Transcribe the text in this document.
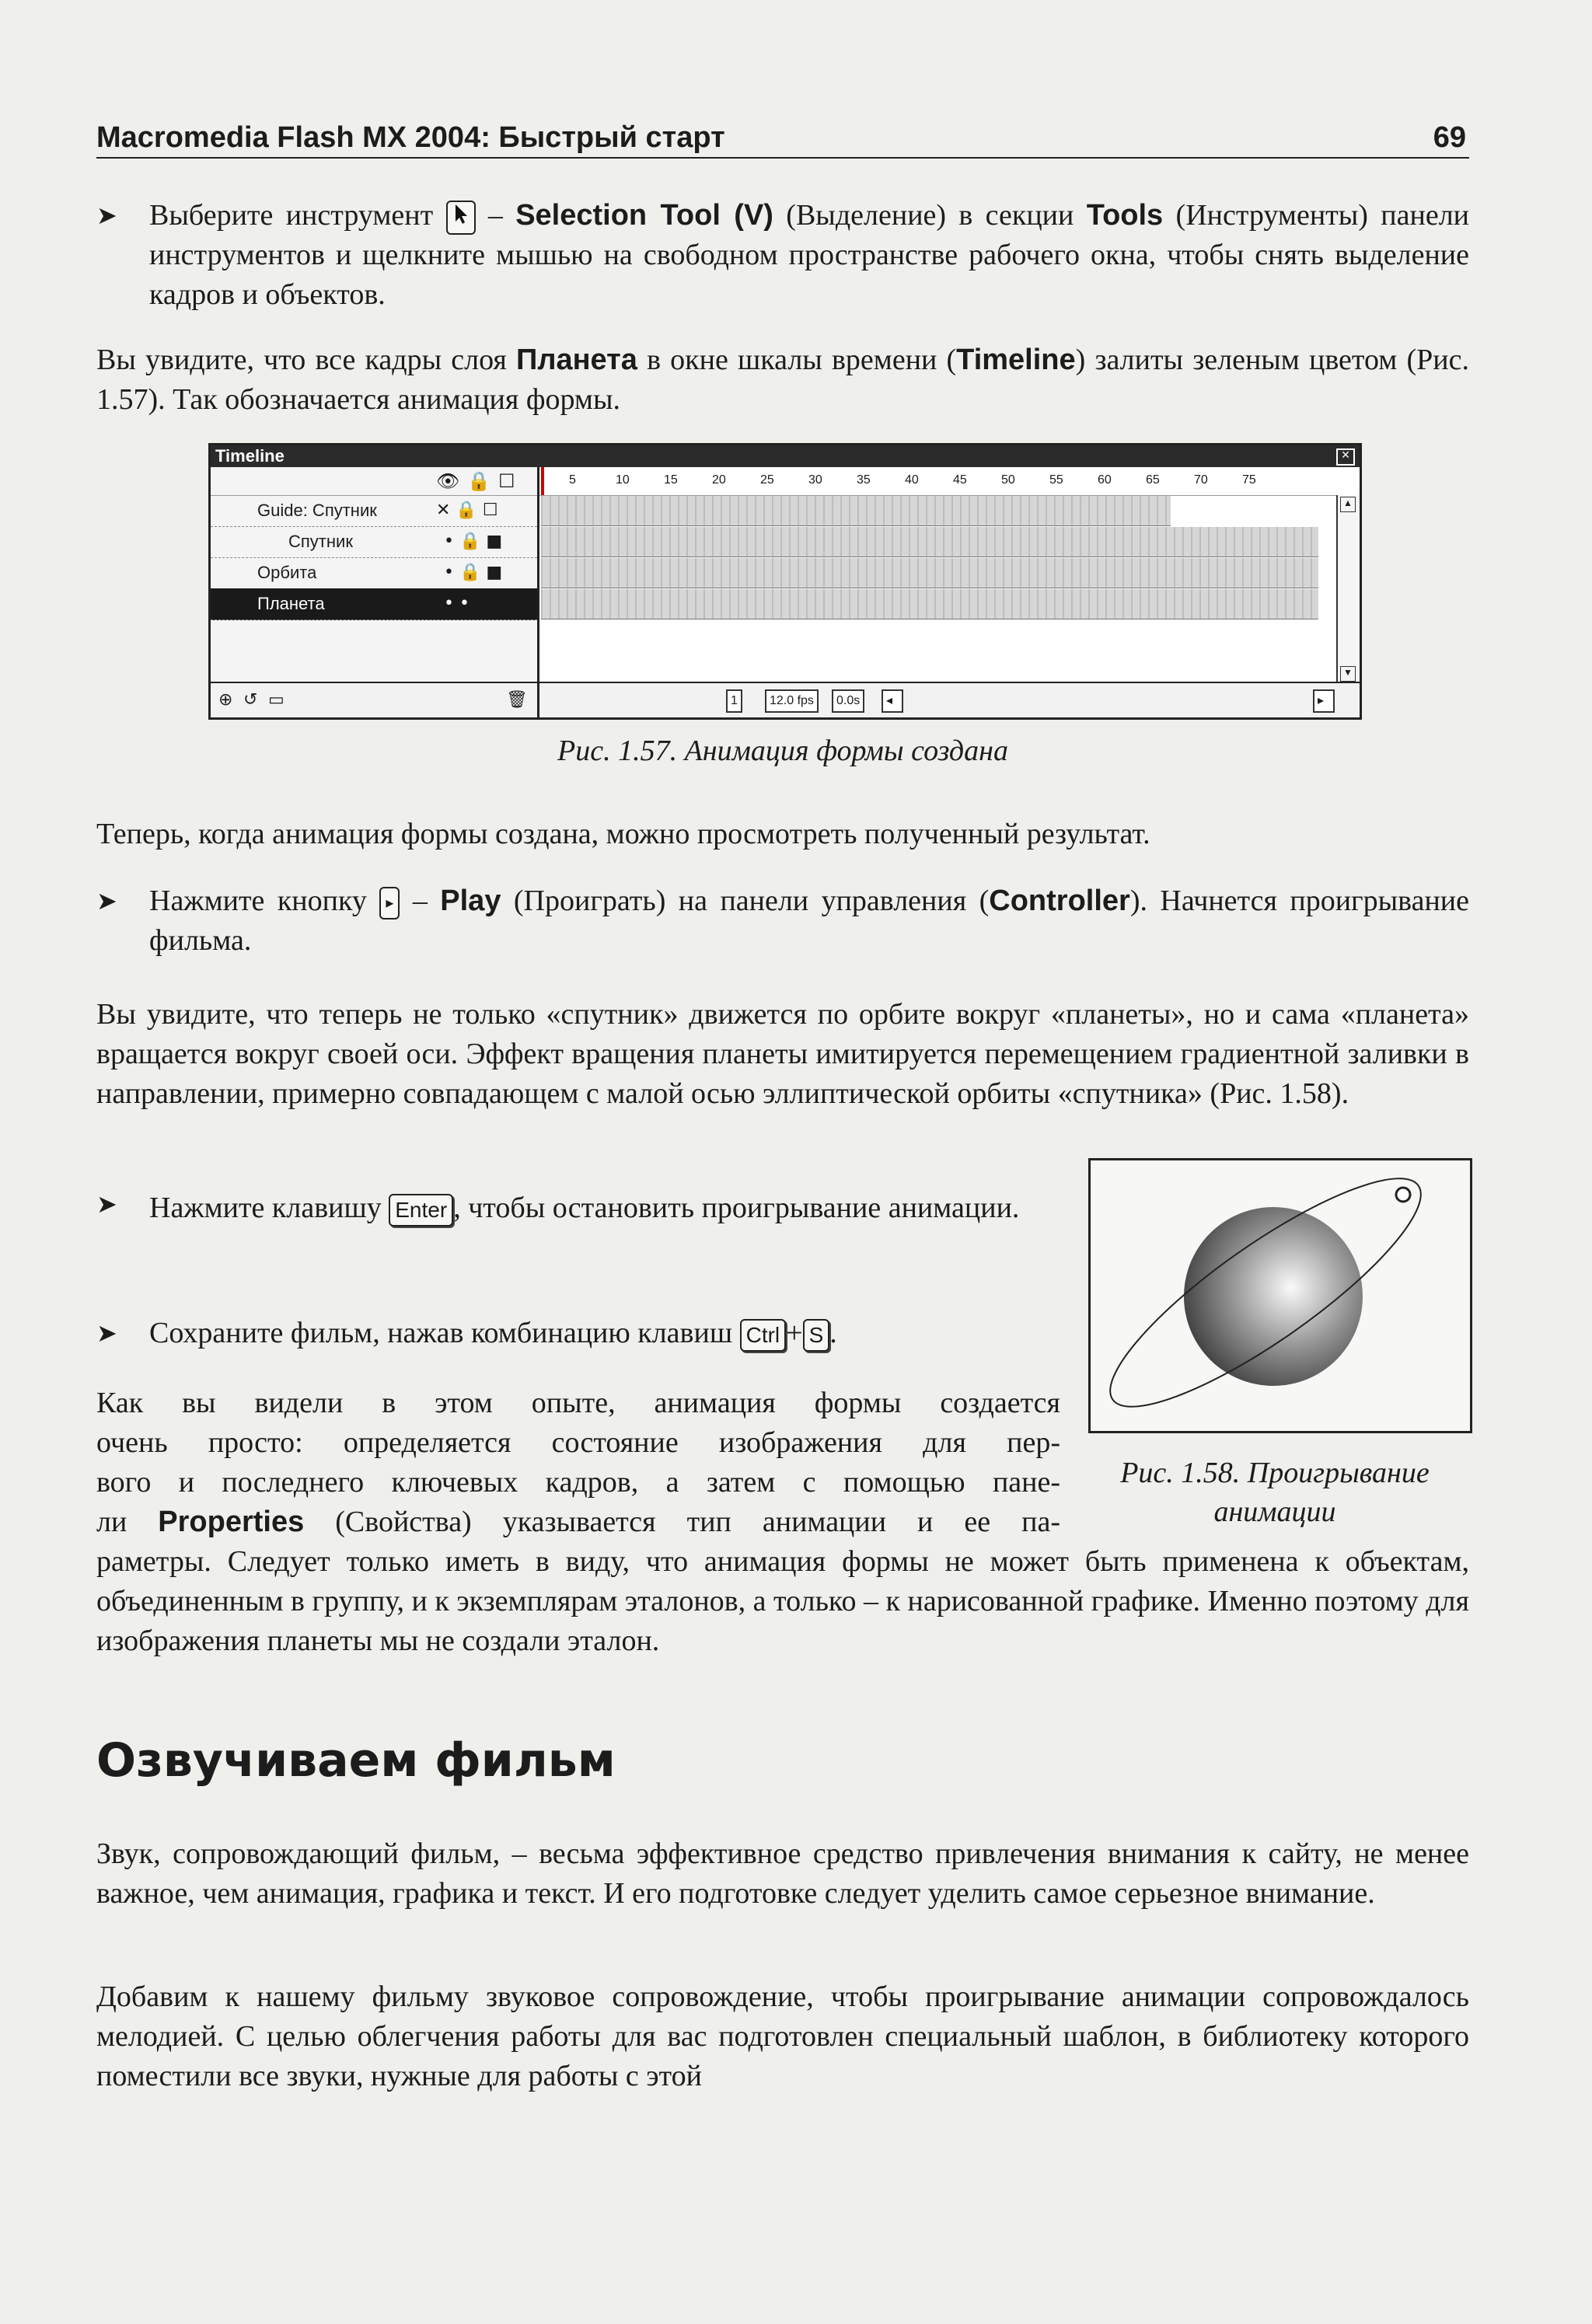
Macromedia Flash MX 2004: Быстрый старт	69
➤ Выберите инструмент  – Selection Tool (V) (Выделение) в секции Tools (Инструменты) панели инструментов и щелкните мышью на свободном пространстве рабочего окна, чтобы снять выделение кадров и объектов.
Вы увидите, что все кадры слоя Планета в окне шкалы времени (Timeline) залиты зеленым цветом (Рис. 1.57). Так обозначается анимация формы.
Timeline	✕
👁 🔒 ☐
Guide: Спутник	✕ 🔒 ☐
Спутник	• 🔒 ■
Орбита	• 🔒 ■
Планета	• •
⊕ ↺ ▭	🗑
5	10	15	20	25	30	35	40	45	50	55	60	65	70	75
▲
▼
1	12.0 fps	0.0s	◂	▸
Рис. 1.57. Анимация формы создана
Теперь, когда анимация формы создана, можно просмотреть полученный результат.
➤ Нажмите кнопку ▸ – Play (Проиграть) на панели управления (Controller). Начнется проигрывание фильма.
Вы увидите, что теперь не только «спутник» движется по орбите вокруг «планеты», но и сама «планета» вращается вокруг своей оси. Эффект вращения планеты имитируется перемещением градиентной заливки в направлении, примерно совпадающем с малой осью эллиптической орбиты «спутника» (Рис. 1.58).
➤ Нажмите клавишу Enter , чтобы остановить проигрывание анимации.
➤ Сохраните фильм, нажав комбинацию клавиш Ctrl + S .
Рис. 1.58. Проигрывание
анимации
Как вы видели в этом опыте, анимация формы создается
очень просто: определяется состояние изображения для пер-
вого и последнего ключевых кадров, а затем с помощью пане-
ли Properties (Свойства) указывается тип анимации и ее па-
раметры. Следует только иметь в виду, что анимация формы не может быть применена к объектам, объединенным в группу, и к экземплярам эталонов, а только – к нарисованной графике. Именно поэтому для изображения планеты мы не создали эталон.
Озвучиваем фильм
Звук, сопровождающий фильм, – весьма эффективное средство привлечения внимания к сайту, не менее важное, чем анимация, графика и текст. И его подготовке следует уделить самое серьезное внимание.
Добавим к нашему фильму звуковое сопровождение, чтобы проигрывание анимации сопровождалось мелодией. С целью облегчения работы для вас подготовлен специальный шаблон, в библиотеку которого поместили все звуки, нужные для работы с этой
